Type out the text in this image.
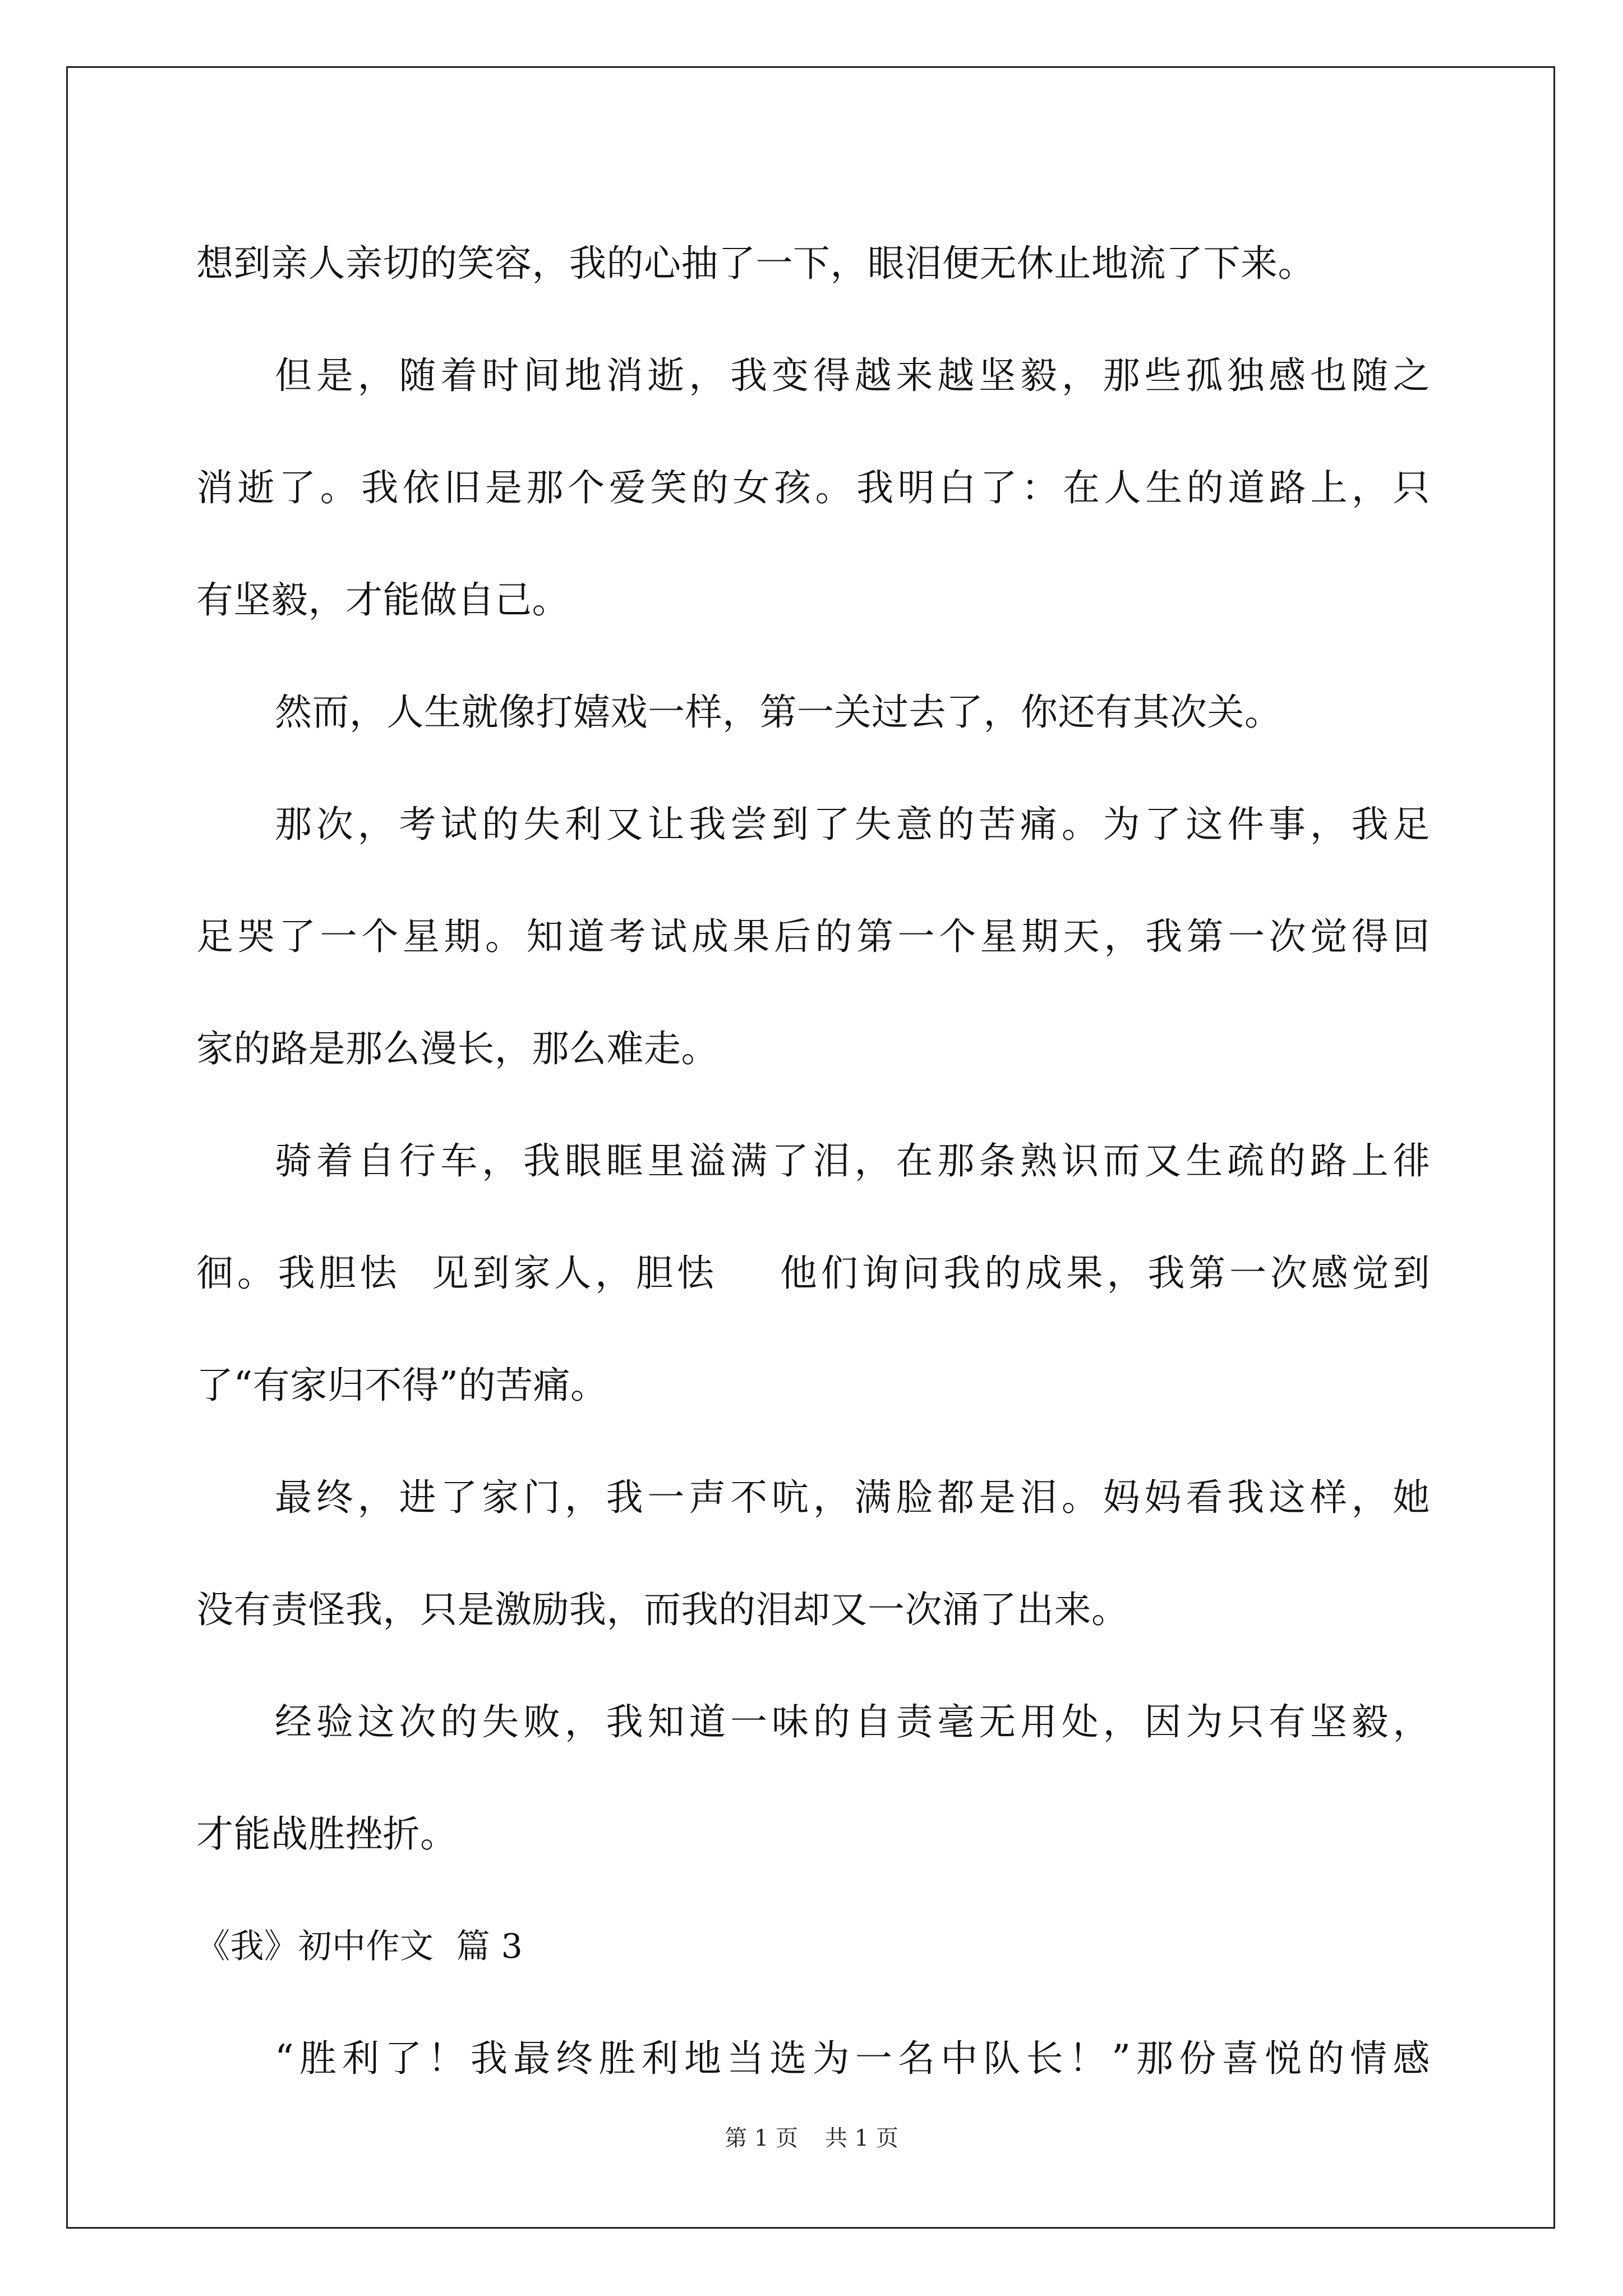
想到亲人亲切的笑容，我的心抽了一下，眼泪便无休止地流了下来。
但是，随着时间地消逝，我变得越来越坚毅，那些孤独感也随之
消逝了。我依旧是那个爱笑的女孩。我明白了：在人生的道路上，只
有坚毅，才能做自己。
然而，人生就像打嬉戏一样，第一关过去了，你还有其次关。
那次，考试的失利又让我尝到了失意的苦痛。为了这件事，我足
足哭了一个星期。知道考试成果后的第一个星期天，我第一次觉得回
家的路是那么漫长，那么难走。
骑着自行车，我眼眶里溢满了泪，在那条熟识而又生疏的路上徘
徊。我胆怯  见到家人，胆怯    他们询问我的成果，我第一次感觉到
了“有家归不得”的苦痛。
最终，进了家门，我一声不吭，满脸都是泪。妈妈看我这样，她
没有责怪我，只是激励我，而我的泪却又一次涌了出来。
经验这次的失败，我知道一味的自责毫无用处，因为只有坚毅，
才能战胜挫折。
《我》初中作文 篇 3
“胜利了！我最终胜利地当选为一名中队长！”那份喜悦的情感
第 1 页 共 1 页
